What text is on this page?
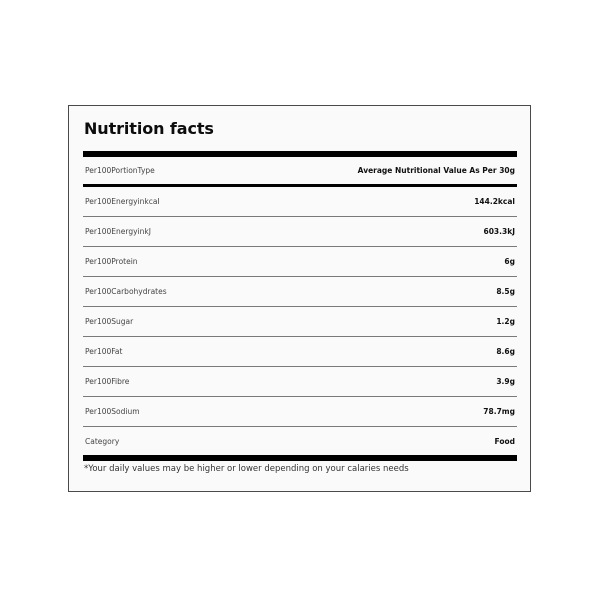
Nutrition facts
Per100PortionType	Average Nutritional Value As Per 30g
Per100EnergyinkcaI	144.2kcal
Per100EnergyinkJ	603.3kJ
Per100Protein	6g
Per100Carbohydrates	8.5g
Per100Sugar	1.2g
Per100Fat	8.6g
Per100Fibre	3.9g
Per100Sodium	78.7mg
Category	Food

*Your daily values may be higher or lower depending on your calaries needs
